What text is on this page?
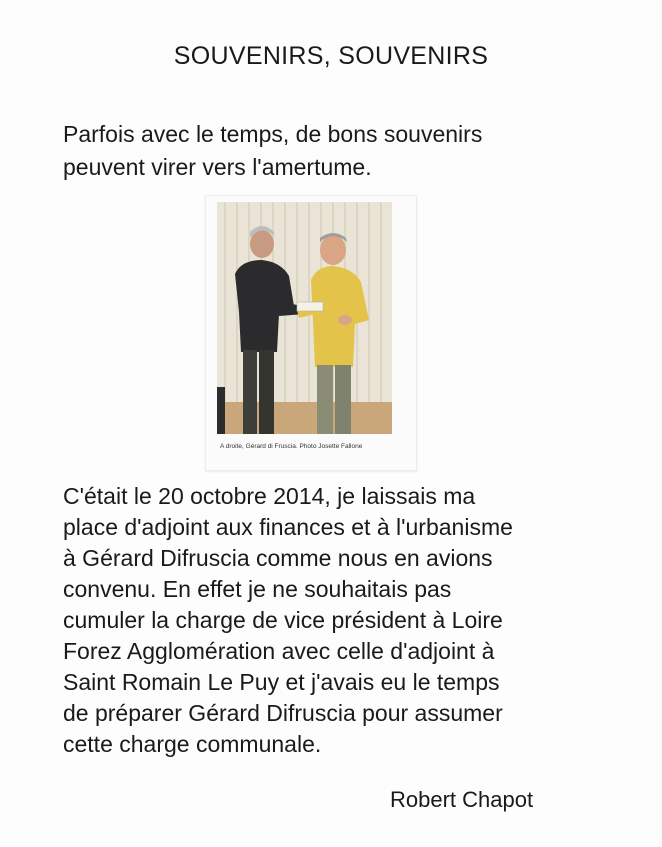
SOUVENIRS, SOUVENIRS

Parfois avec le temps, de bons souvenirs
peuvent virer vers l'amertume.

A droite, Gérard di Fruscia. Photo Josette Fallone

C'était le 20 octobre 2014, je laissais ma
place d'adjoint aux finances et à l'urbanisme
à Gérard Difruscia comme nous en avions
convenu. En effet je ne souhaitais pas
cumuler la charge de vice président à Loire
Forez Agglomération avec celle d'adjoint à
Saint Romain Le Puy et j'avais eu le temps
de préparer Gérard Difruscia pour assumer
cette charge communale.

Robert Chapot
